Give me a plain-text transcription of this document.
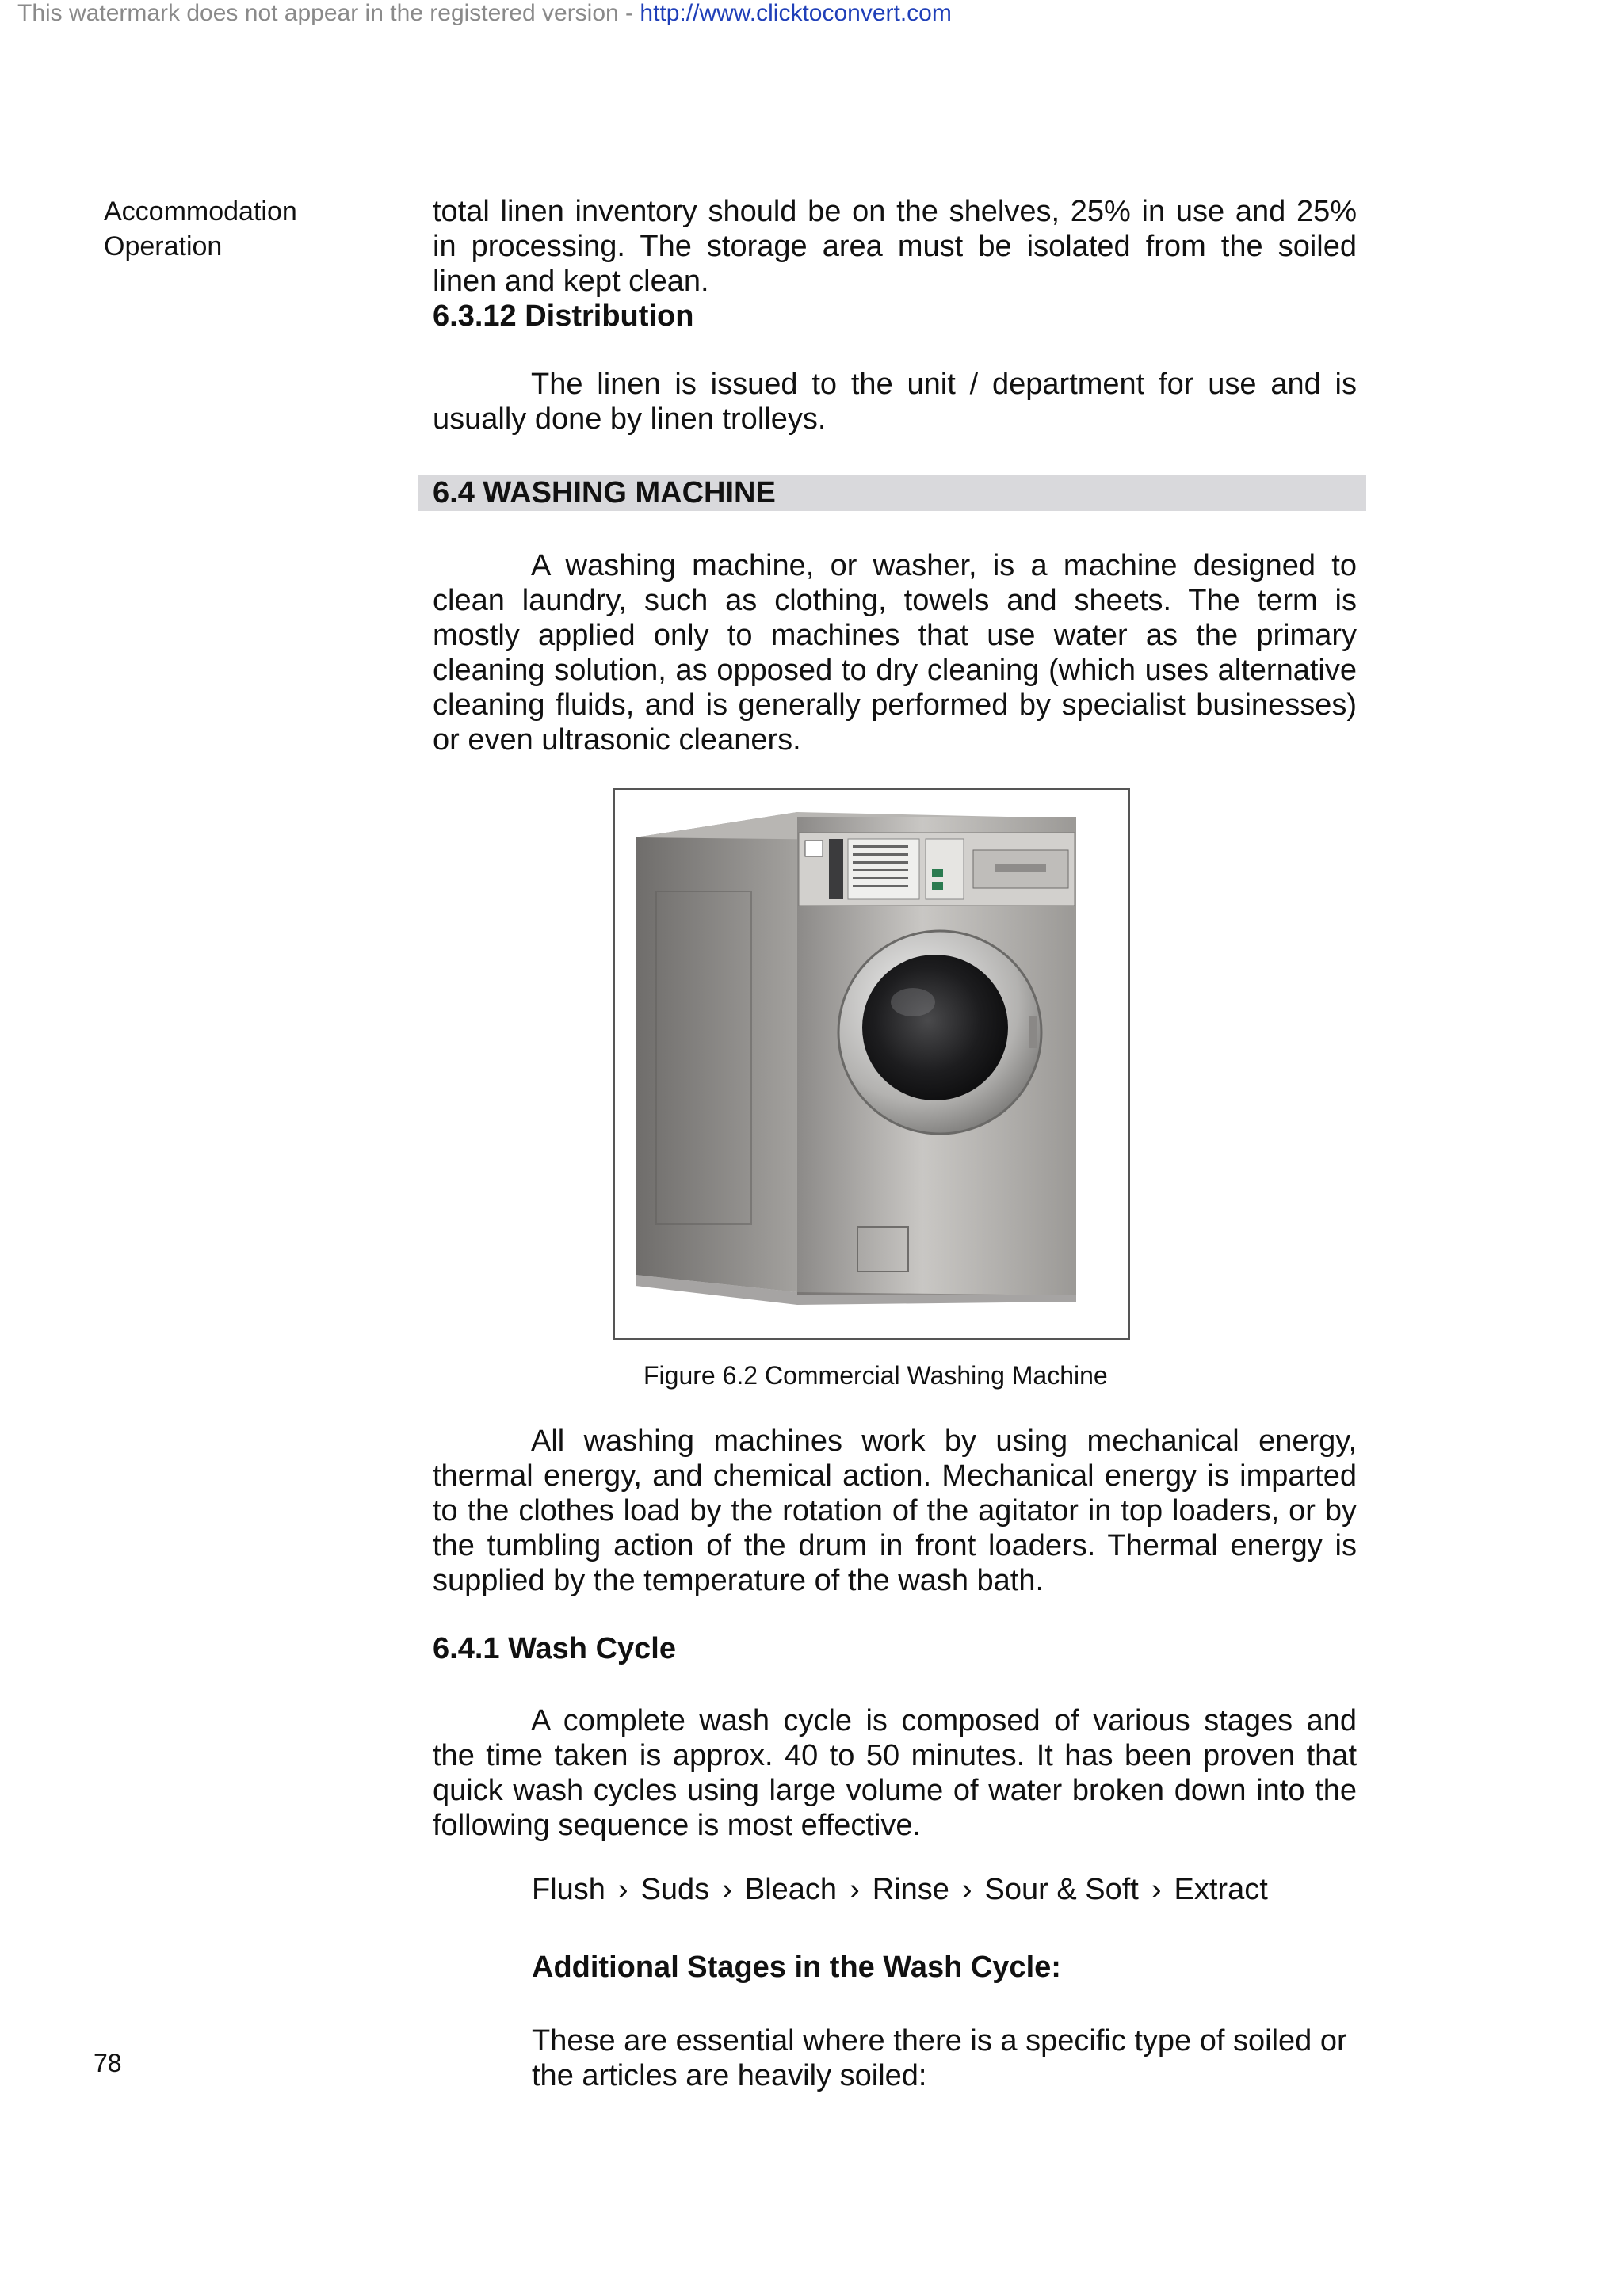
This watermark does not appear in the registered version - http://www.clicktoconvert.com
Accommodation
Operation

total linen inventory should be on the shelves, 25% in use and 25% in processing. The storage area must be isolated from the soiled linen and kept clean.

6.3.12 Distribution

The linen is issued to the unit / department for use and is usually done by linen trolleys.

6.4 WASHING MACHINE

A washing machine, or washer, is a machine designed to clean laundry, such as clothing, towels and sheets. The term is mostly applied only to machines that use water as the primary cleaning solution, as opposed to dry cleaning (which uses alternative cleaning fluids, and is generally performed by specialist businesses) or even ultrasonic cleaners.

Figure 6.2 Commercial Washing Machine

All washing machines work by using mechanical energy, thermal energy, and chemical action. Mechanical energy is imparted to the clothes load by the rotation of the agitator in top loaders, or by the tumbling action of the drum in front loaders. Thermal energy is supplied by the temperature of the wash bath.

6.4.1 Wash Cycle

A complete wash cycle is composed of various stages and the time taken is approx. 40 to 50 minutes. It has been proven that quick wash cycles using large volume of water broken down into the following sequence is most effective.

Flush › Suds › Bleach › Rinse › Sour & Soft › Extract
Additional Stages in the Wash Cycle:

These are essential where there is a specific type of soiled or the articles are heavily soiled:

78
